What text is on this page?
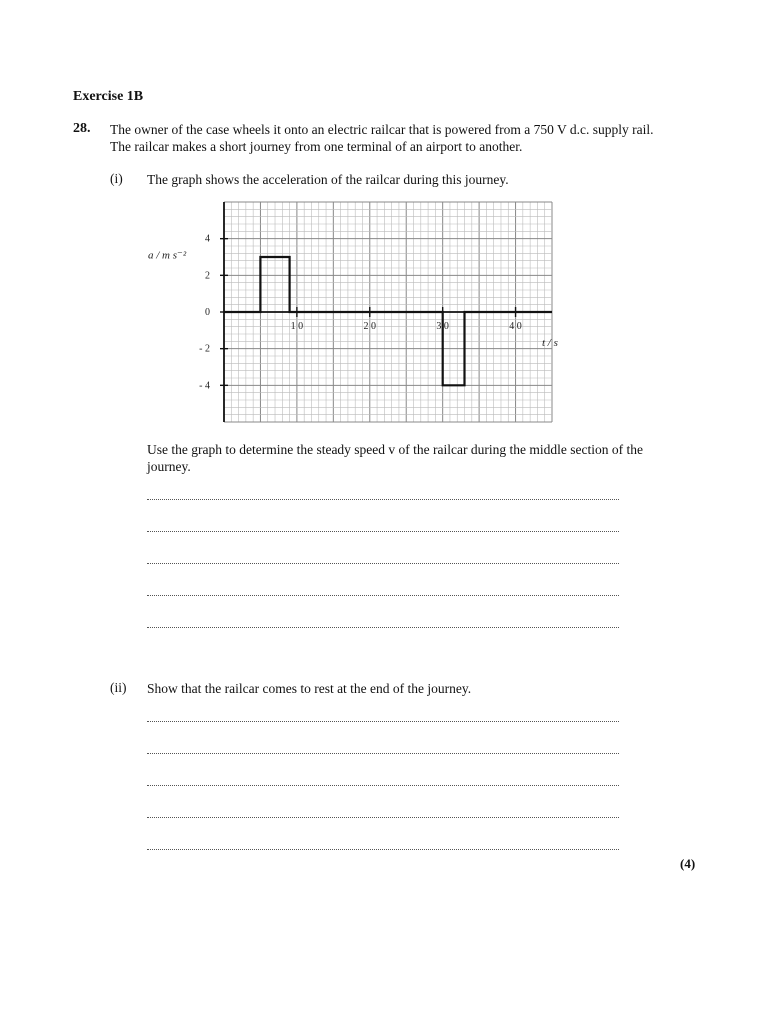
Exercise 1B
28. The owner of the case wheels it onto an electric railcar that is powered from a 750 V d.c. supply rail. The railcar makes a short journey from one terminal of an airport to another.
(i) The graph shows the acceleration of the railcar during this journey.
1 0	2 0	3 0	4 0
4
2
0
- 2
- 4
a / m s⁻²
t / s
Use the graph to determine the steady speed v of the railcar during the middle section of the journey.
(ii) Show that the railcar comes to rest at the end of the journey.
(4)
